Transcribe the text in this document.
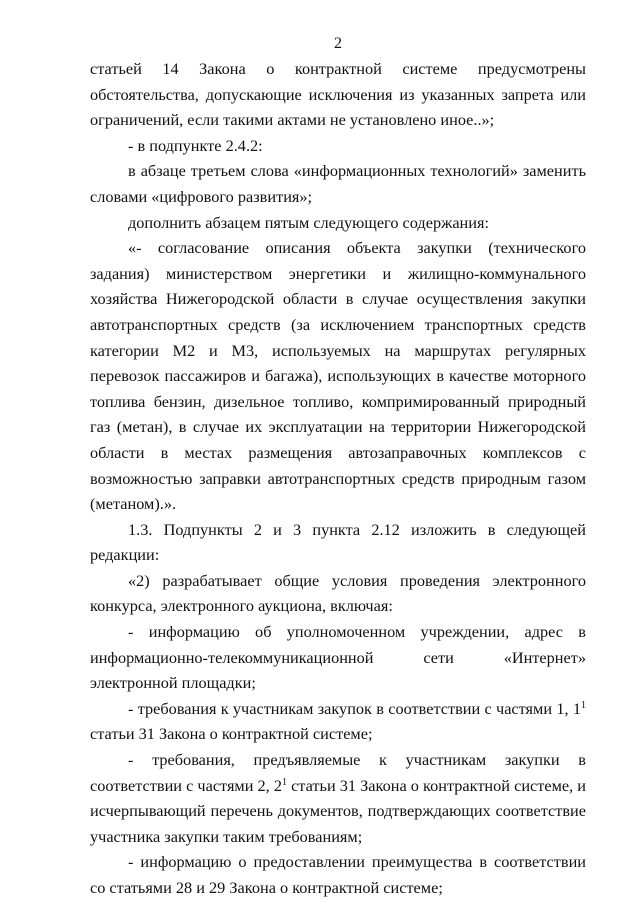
2

статьей 14 Закона о контрактной системе предусмотрены обстоятельства, допускающие исключения из указанных запрета или ограничений, если такими актами не установлено иное..»;

- в подпункте 2.4.2:

в абзаце третьем слова «информационных технологий» заменить словами «цифрового развития»;

дополнить абзацем пятым следующего содержания:

«- согласование описания объекта закупки (технического задания) министерством энергетики и жилищно-коммунального хозяйства Нижегородской области в случае осуществления закупки автотранспортных средств (за исключением транспортных средств категории М2 и М3, используемых на маршрутах регулярных перевозок пассажиров и багажа), использующих в качестве моторного топлива бензин, дизельное топливо, компримированный природный газ (метан), в случае их эксплуатации на территории Нижегородской области в местах размещения автозаправочных комплексов с возможностью заправки автотранспортных средств природным газом (метаном).».

1.3. Подпункты 2 и 3 пункта 2.12 изложить в следующей редакции:

«2) разрабатывает общие условия проведения электронного конкурса, электронного аукциона, включая:

- информацию об уполномоченном учреждении, адрес в информационно-телекоммуникационной сети «Интернет» электронной площадки;

- требования к участникам закупок в соответствии с частями 1, $1^1$ статьи 31 Закона о контрактной системе;

- требования, предъявляемые к участникам закупки в соответствии с частями 2, $2^1$ статьи 31 Закона о контрактной системе, и исчерпывающий перечень документов, подтверждающих соответствие участника закупки таким требованиям;

- информацию о предоставлении преимущества в соответствии со статьями 28 и 29 Закона о контрактной системе;
